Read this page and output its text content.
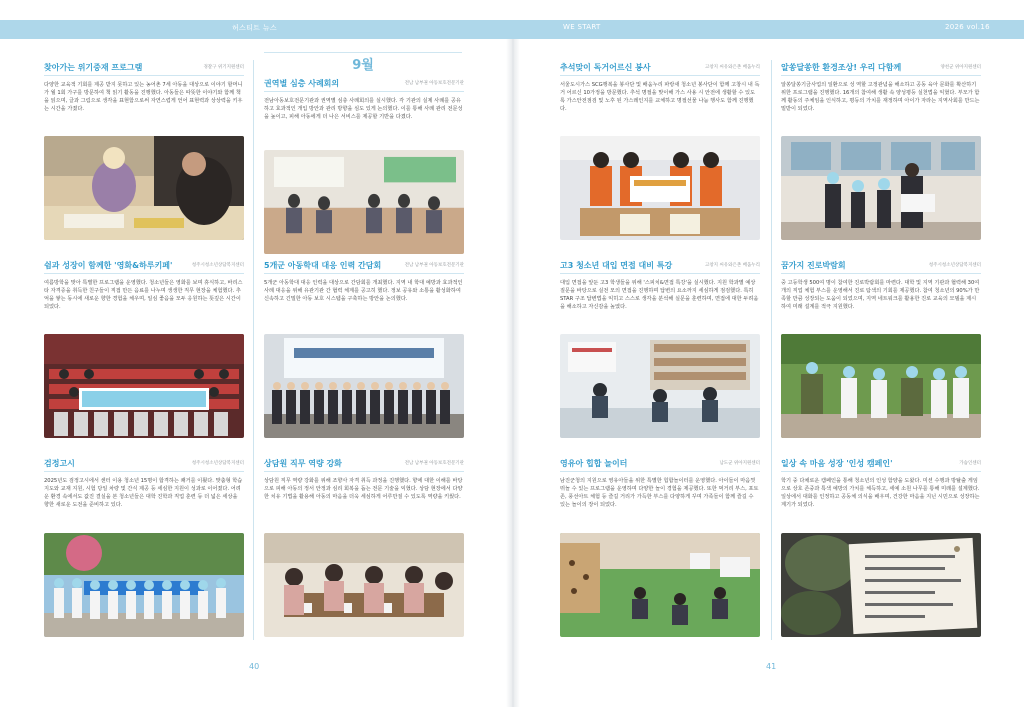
허스티트 뉴스	WE START	2026 vol.16
9월
찾아가는 위기중재 프로그램	경찰구 위기지원센터
다양한 교육적 기회를 제공 받지 못하고 있는 농어촌 7세 아동을 대상으로 이야기 할머니가 월 1회 가구를 방문하여 책 읽기 활동을 진행했다. 아동들은 따뜻한 이야기와 함께 책을 읽으며, 글과 그림으로 생각을 표현함으로써 자연스럽게 언어 표현력과 상상력을 키우는 시간을 가졌다.
쉼과 성장이 함께한 '영화&하루키페'	청주시청소년상담복지센터
여름방학을 맞아 특별한 프로그램을 운영했다. 청소년들은 영화를 보며 휴식하고, 바리스타 자격증을 취득한 친구들이 직접 만든 음료를 나누며 생생한 직무 현장을 체험했다. 추억을 쌓는 동시에 새로운 향한 경험을 체우며, 일심 좋음을 모두 응원하는 뜻깊은 시간이 되었다.
검정고시	청주시청소년상담복지센터
2025년도 검정고시에서 센터 이용 청소년 15명이 합격하는 쾌거를 이뤘다. 맞춤형 학습 지도와 교재 지원, 시험 당일 차량 및 간식 제공 등 세심한 지원이 성과로 이어졌다. 어려운 환경 속에서도 값진 결실을 본 청소년들은 대학 진학과 직업 훈련 등 더 넓은 세상을 향한 새로운 도전을 준비하고 있다.
권역별 심층 사례회의	전남 남부권 아동보호전문기관
전남아동보호전문기관과 권역별 심층 사례회의를 실시했다. 각 기관의 실제 사례를 공유하고 효과적인 개입 방안과 관리 방향을 심도 있게 논의했다. 이를 통해 사례 관리 전문성을 높이고, 피해 아동에게 더 나은 서비스를 제공할 기반을 다졌다.
5개군 아동학대 대응 인력 간담회	전남 남부권 아동보호전문기관
5개군 아동학대 대응 인력을 대상으로 간담회를 개최했다. 지역 내 학대 예방과 효과적인 사례 대응을 위해 유관기관 간 협력 체계를 공고히 했다. 정보 공유와 소통을 활성화하여 신속하고 긴밀한 아동 보호 시스템을 구축하는 방안을 논의했다.
상담원 직무 역량 강화	전남 남부권 아동보호전문기관
상담원 직무 역량 강화를 위해 조향사 자격 취득 과정을 진행했다. 향에 대한 이해를 바탕으로 피해 아동의 정서 안정과 심리 회복을 돕는 전문 기술을 익혔다. 상담 현장에서 다양한 치유 기법을 활용해 아동의 마음을 더욱 세심하게 어루만질 수 있도록 역량을 키웠다.
추석맞이 독거어르신 봉사	고창지 씨유와은촌 배움누리
서울도시가스 SCG행복을 봉사단 및 배움누리 파랑새 청소년 봉사단이 함께 고창시 내 독거 어르신 10가정을 방문했다. 추석 명절을 맞이해 가스 사용 시 안전에 생활할 수 있도록 가스안전점검 및 노후 된 가스레인지를 교체하고 명절선물 나눔 행사도 함께 진행했다.
고3 청소년 대입 면접 대비 특강	고창지 씨유와은촌 배움누리
대입 면접을 앞둔 고3 학생들을 위해 '스피치&면접 특강'을 실시했다. 지원 학과별 예상 질문을 바탕으로 실전 모의 면접을 진행하며 답변의 요소까지 세심하게 점검했다. 특히 STAR 구조 답변법을 익히고 스스로 생각을 분석해 실문을 훈련하며, 면접에 대한 두려움을 해소하고 자신감을 높였다.
영유아 힙합 놀이터	남도군 위아지원센터
남진군청의 지원으로 영유아들을 위한 특별한 힙합놀이터를 운영했다. 아이들이 마음껏 뛰놀 수 있는 프로그램을 운영하며 다양한 놀이 경험을 제공했다. 또한 먹거리 부스, 포토존, 풍선아트 체험 등 즐길 거리가 가득한 부스를 다양하게 꾸며 가족들이 함께 즐길 수 있는 놀이의 장이 되었다.
알쏭달쏭한 환경조상! 우리 다함께	양천군 위아지원센터
알쏭달쏭기금사업의 일환으로 성 역할 고정관념을 해소하고 공동 육아 문화를 확산하기 위한 프로그램을 진행했다. 16개의 참여해 생활 속 양성평등 실천법을 익혔다. 부모가 함께 활동의 주체임을 인식하고, 평등의 가치를 재정하며 아이가 자라는 지역사회를 만드는 밑받이 되었다.
꿈가지 진로박람회	청주시청소년상담복지센터
중 고등학생 500여 명이 참여한 진로박람회를 마련다. 대학 및 지역 기관과 협력해 30여 개의 직업 체험 부스를 운영해서 진로 탐색의 기회를 제공했다. 참여 청소년의 90%가 만족할 만큼 성장되는 도움이 되었으며, 지역 네트워크를 활용한 진로 교육의 모델을 제시하여 미래 설계를 적극 지원했다.
일상 속 마음 성장 '인성 캠페인'	가슴인센터
학기 중 다채로운 캠페인을 통해 청소년의 인성 함양을 도왔다. 미션 수행과 방탈출 게임으로 상호 존중과 특색 예방의 가치를 체득하고, 세예 소원 나무를 통해 미래를 설계했다. 일상에서 대화를 인정하고 공동체 의식을 배우며, 건강한 마음을 지닌 시민으로 성장하는 계기가 되었다.
40	41
